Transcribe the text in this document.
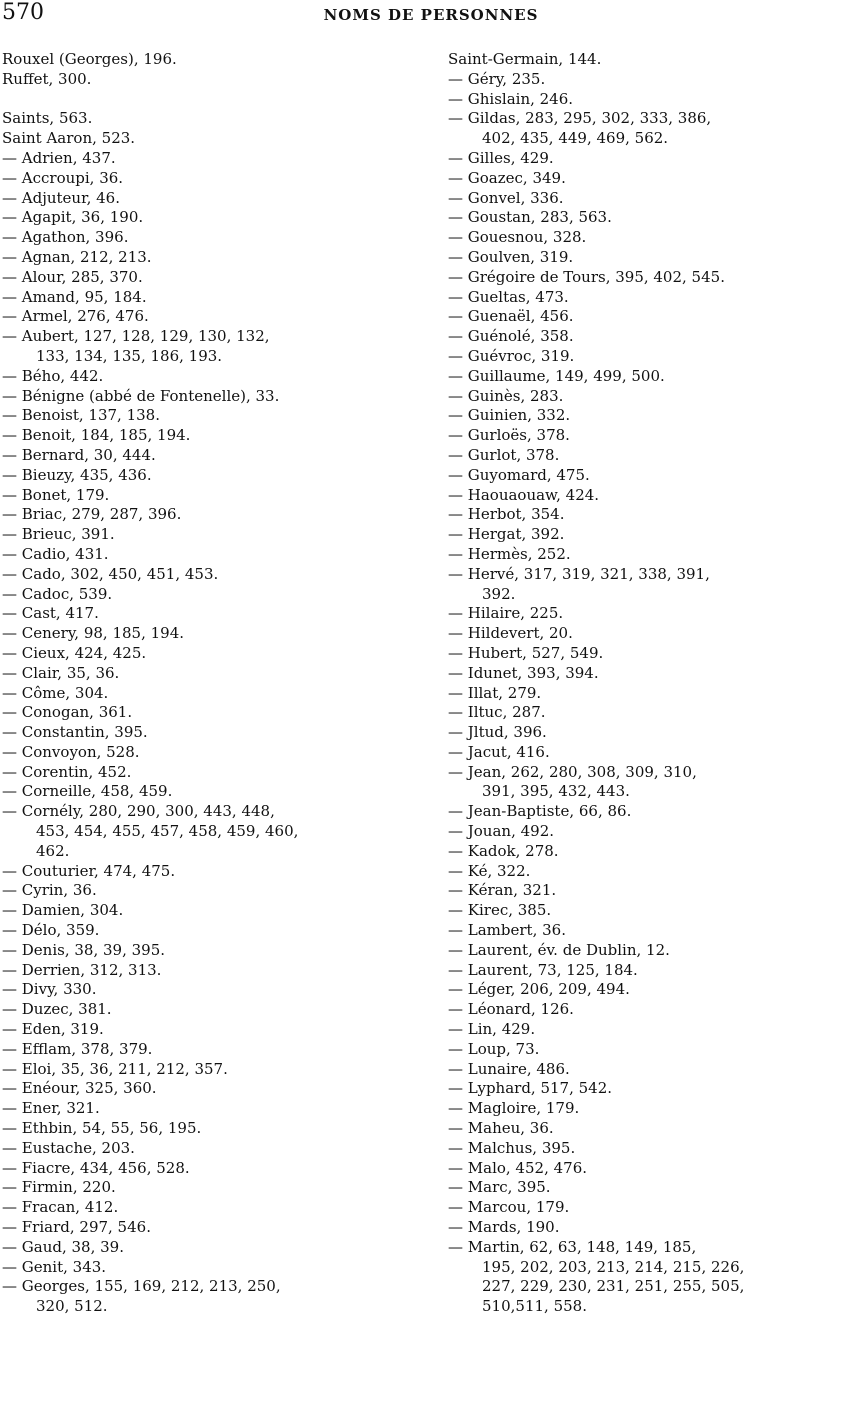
570	NOMS DE PERSONNES
Rouxel (Georges), 196.
Ruffet, 300.
Saints, 563.
Saint Aaron, 523.
— Adrien, 437.
— Accroupi, 36.
— Adjuteur, 46.
— Agapit, 36, 190.
— Agathon, 396.
— Agnan, 212, 213.
— Alour, 285, 370.
— Amand, 95, 184.
— Armel, 276, 476.
— Aubert, 127, 128, 129, 130, 132,
133, 134, 135, 186, 193.
— Bého, 442.
— Bénigne (abbé de Fontenelle), 33.
— Benoist, 137, 138.
— Benoit, 184, 185, 194.
— Bernard, 30, 444.
— Bieuzy, 435, 436.
— Bonet, 179.
— Briac, 279, 287, 396.
— Brieuc, 391.
— Cadio, 431.
— Cado, 302, 450, 451, 453.
— Cadoc, 539.
— Cast, 417.
— Cenery, 98, 185, 194.
— Cieux, 424, 425.
— Clair, 35, 36.
— Côme, 304.
— Conogan, 361.
— Constantin, 395.
— Convoyon, 528.
— Corentin, 452.
— Corneille, 458, 459.
— Cornély, 280, 290, 300, 443, 448,
453, 454, 455, 457, 458, 459, 460,
462.
— Couturier, 474, 475.
— Cyrin, 36.
— Damien, 304.
— Délo, 359.
— Denis, 38, 39, 395.
— Derrien, 312, 313.
— Divy, 330.
— Duzec, 381.
— Eden, 319.
— Efflam, 378, 379.
— Eloi, 35, 36, 211, 212, 357.
— Enéour, 325, 360.
— Ener, 321.
— Ethbin, 54, 55, 56, 195.
— Eustache, 203.
— Fiacre, 434, 456, 528.
— Firmin, 220.
— Fracan, 412.
— Friard, 297, 546.
— Gaud, 38, 39.
— Genit, 343.
— Georges, 155, 169, 212, 213, 250,
320, 512.
Saint-Germain, 144.
— Géry, 235.
— Ghislain, 246.
— Gildas, 283, 295, 302, 333, 386,
402, 435, 449, 469, 562.
— Gilles, 429.
— Goazec, 349.
— Gonvel, 336.
— Goustan, 283, 563.
— Gouesnou, 328.
— Goulven, 319.
— Grégoire de Tours, 395, 402, 545.
— Gueltas, 473.
— Guenaël, 456.
— Guénolé, 358.
— Guévroc, 319.
— Guillaume, 149, 499, 500.
— Guinès, 283.
— Guinien, 332.
— Gurloës, 378.
— Gurlot, 378.
— Guyomard, 475.
— Haouaouaw, 424.
— Herbot, 354.
— Hergat, 392.
— Hermès, 252.
— Hervé, 317, 319, 321, 338, 391,
392.
— Hilaire, 225.
— Hildevert, 20.
— Hubert, 527, 549.
— Idunet, 393, 394.
— Illat, 279.
— Iltuc, 287.
— Jltud, 396.
— Jacut, 416.
— Jean, 262, 280, 308, 309, 310,
391, 395, 432, 443.
— Jean-Baptiste, 66, 86.
— Jouan, 492.
— Kadok, 278.
— Ké, 322.
— Kéran, 321.
— Kirec, 385.
— Lambert, 36.
— Laurent, év. de Dublin, 12.
— Laurent, 73, 125, 184.
— Léger, 206, 209, 494.
— Léonard, 126.
— Lin, 429.
— Loup, 73.
— Lunaire, 486.
— Lyphard, 517, 542.
— Magloire, 179.
— Maheu, 36.
— Malchus, 395.
— Malo, 452, 476.
— Marc, 395.
— Marcou, 179.
— Mards, 190.
— Martin, 62, 63, 148, 149, 185,
195, 202, 203, 213, 214, 215, 226,
227, 229, 230, 231, 251, 255, 505,
510,511, 558.
